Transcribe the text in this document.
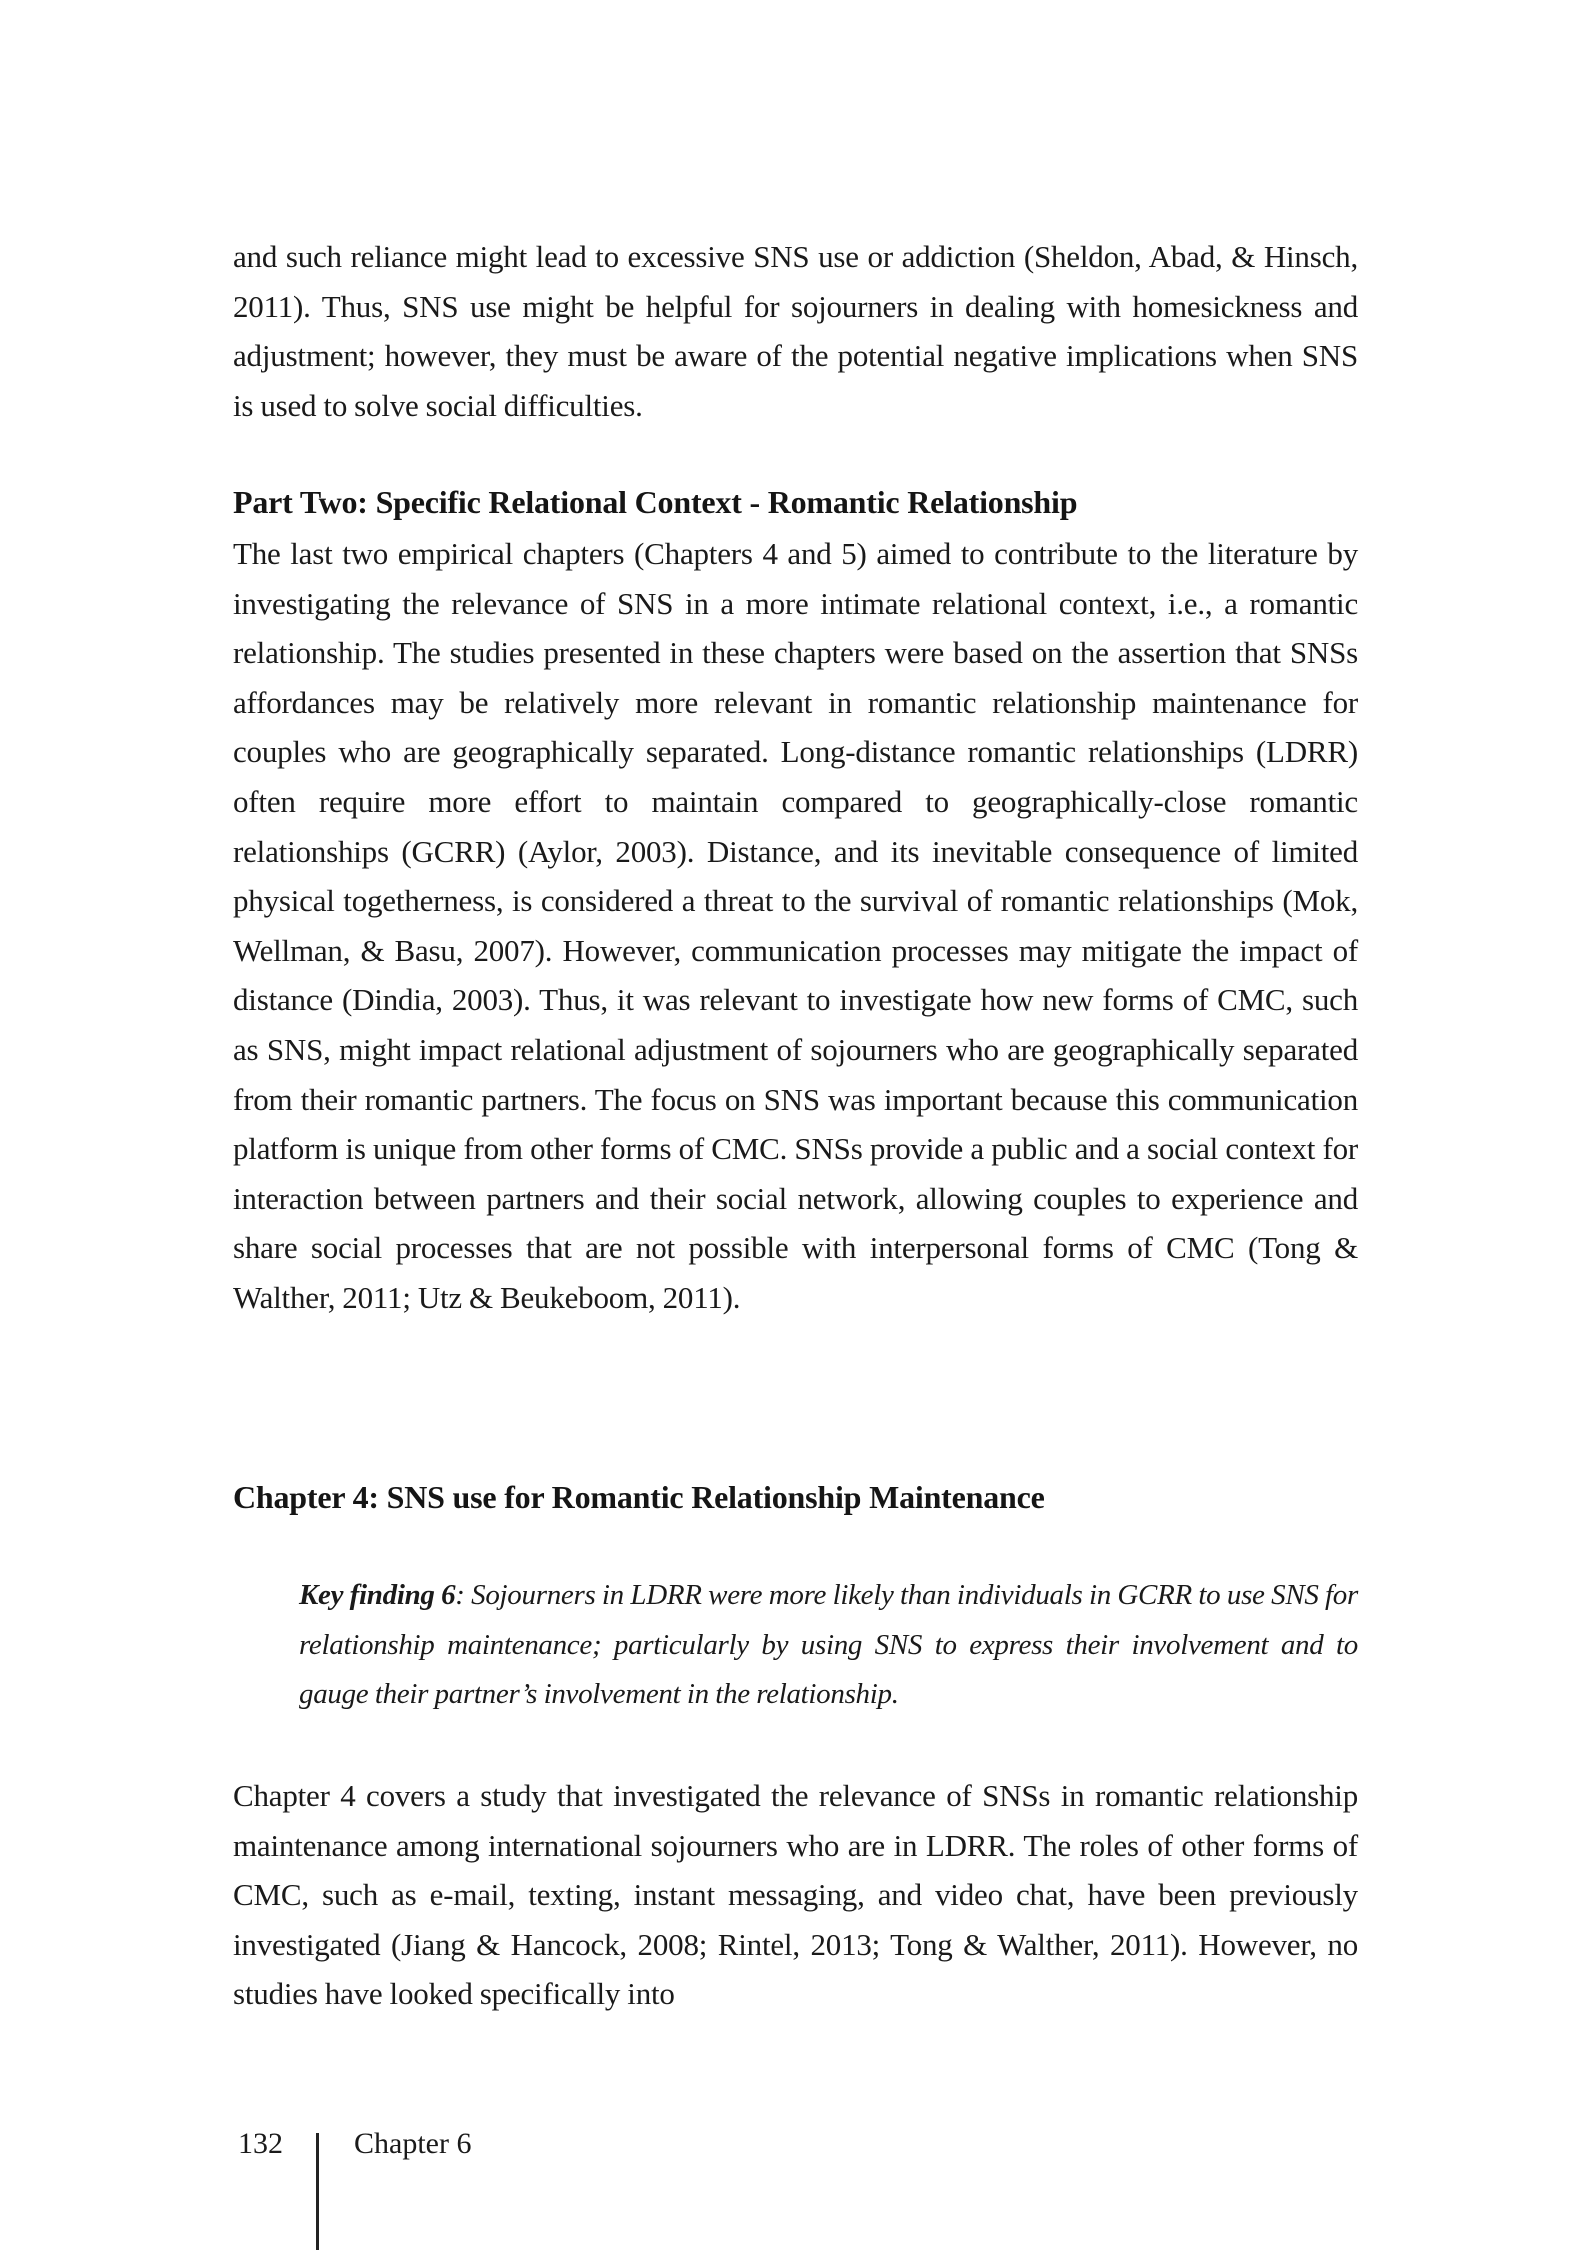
and such reliance might lead to excessive SNS use or addiction (Sheldon, Abad, & Hinsch, 2011). Thus, SNS use might be helpful for sojourners in dealing with homesickness and adjustment; however, they must be aware of the potential negative implications when SNS is used to solve social difficulties.

Part Two: Specific Relational Context - Romantic Relationship

The last two empirical chapters (Chapters 4 and 5) aimed to contribute to the literature by investigating the relevance of SNS in a more intimate relational context, i.e., a romantic relationship. The studies presented in these chapters were based on the assertion that SNSs affordances may be relatively more relevant in romantic relationship maintenance for couples who are geographically separated. Long-distance romantic relationships (LDRR) often require more effort to maintain compared to geographically-close romantic relationships (GCRR) (Aylor, 2003). Distance, and its inevitable consequence of limited physical togetherness, is considered a threat to the survival of romantic relationships (Mok, Wellman, & Basu, 2007). However, communication processes may mitigate the impact of distance (Dindia, 2003). Thus, it was relevant to investigate how new forms of CMC, such as SNS, might impact relational adjustment of sojourners who are geographically separated from their romantic partners. The focus on SNS was important because this communication platform is unique from other forms of CMC. SNSs provide a public and a social context for interaction between partners and their social network, allowing couples to experience and share social processes that are not possible with interpersonal forms of CMC (Tong & Walther, 2011; Utz & Beukeboom, 2011).

Chapter 4: SNS use for Romantic Relationship Maintenance
Key finding 6: Sojourners in LDRR were more likely than individuals in GCRR to use SNS for relationship maintenance; particularly by using SNS to express their involvement and to gauge their partner’s involvement in the relationship.

Chapter 4 covers a study that investigated the relevance of SNSs in romantic relationship maintenance among international sojourners who are in LDRR. The roles of other forms of CMC, such as e-mail, texting, instant messaging, and video chat, have been previously investigated (Jiang & Hancock, 2008; Rintel, 2013; Tong & Walther, 2011). However, no studies have looked specifically into

132 Chapter 6
